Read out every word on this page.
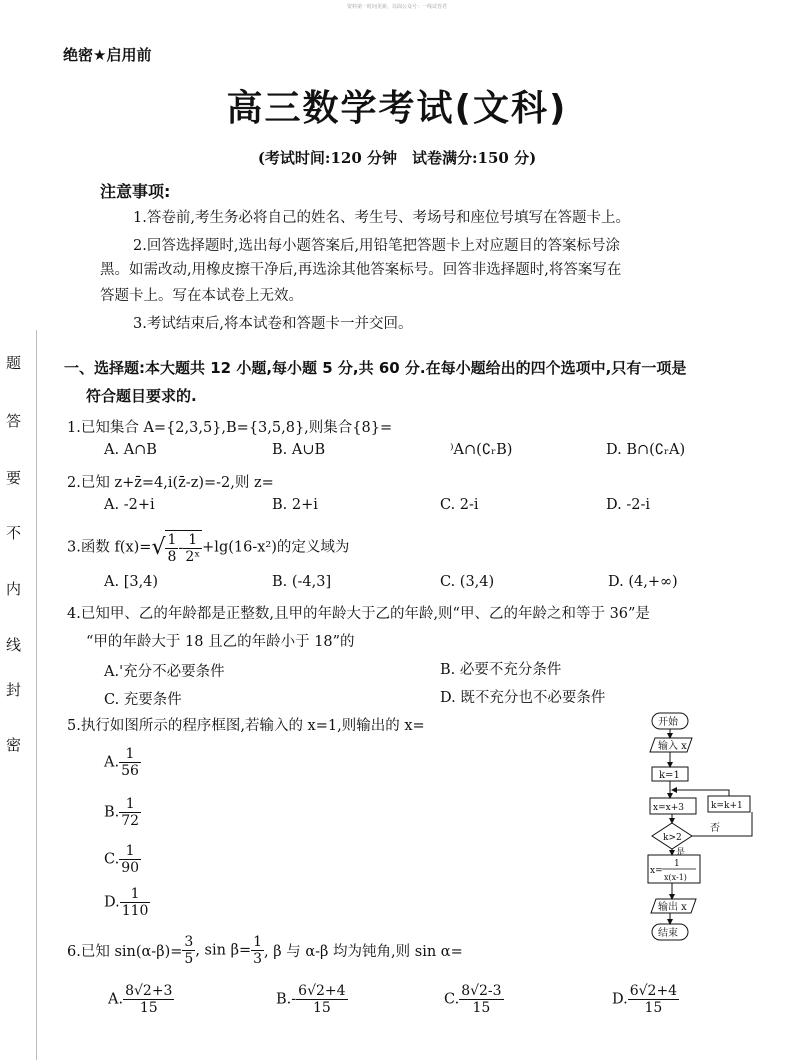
资料第一时间更新，以面公众号：一线试卷君
绝密★启用前
高三数学考试(文科)
(考试时间:120 分钟　试卷满分:150 分)
注意事项:
1.答卷前,考生务必将自己的姓名、考生号、考场号和座位号填写在答题卡上。
2.回答选择题时,选出每小题答案后,用铅笔把答题卡上对应题目的答案标号涂
黑。如需改动,用橡皮擦干净后,再选涂其他答案标号。回答非选择题时,将答案写在
答题卡上。写在本试卷上无效。
3.考试结束后,将本试卷和答题卡一并交回。
题
答
要
不
内
线
封
密
一、选择题:本大题共 12 小题,每小题 5 分,共 60 分.在每小题给出的四个选项中,只有一项是
符合题目要求的.
1.已知集合 A={2,3,5},B={3,5,8},则集合{8}=
A. A∩B	B. A∪B	⁾A∩(∁ᵣB)	D. B∩(∁ᵣA)
2.已知 z+z̄=4,i(z̄-z)=-2,则 z=
A. -2+i	B. 2+i	C. 2-i	D. -2-i
3.函数 $f(x)=√ \frac{1}{8} - \frac{1}{\text{2ˣ}} +\lg(16-x^2)$的定义域为
A. [3,4)	B. (-4,3]	C. (3,4)	D. (4,+∞)
4.已知甲、乙的年龄都是正整数,且甲的年龄大于乙的年龄,则“甲、乙的年龄之和等于 36”是
“甲的年龄大于 18 且乙的年龄小于 18”的
A.'充分不必要条件	B. 必要不充分条件
C. 充要条件	D. 既不充分也不必要条件
5.执行如图所示的程序框图,若输入的 x=1,则输出的 x=
A. $\frac{1}{56}$
B. $\frac{1}{72}$
C. $\frac{1}{90}$
D. $\frac{1}{110}$
开始
输入 x
k=1
x=x+3	k=k+1
k>2
否
是
x=
1
x(x-1)
输出 x
结束
6.已知 $\sin(\alpha-\beta)= \frac{3}{5}$ , $\sin \beta= \frac{1}{3}$ , β 与 α-β 均为钝角,则 sin α=
A. $\frac{8√2+3}{15}$	$B.- \frac{6√2+4}{15}$	C. $\frac{8√2-3}{15}$	D. $\frac{6√2+4}{15}$
